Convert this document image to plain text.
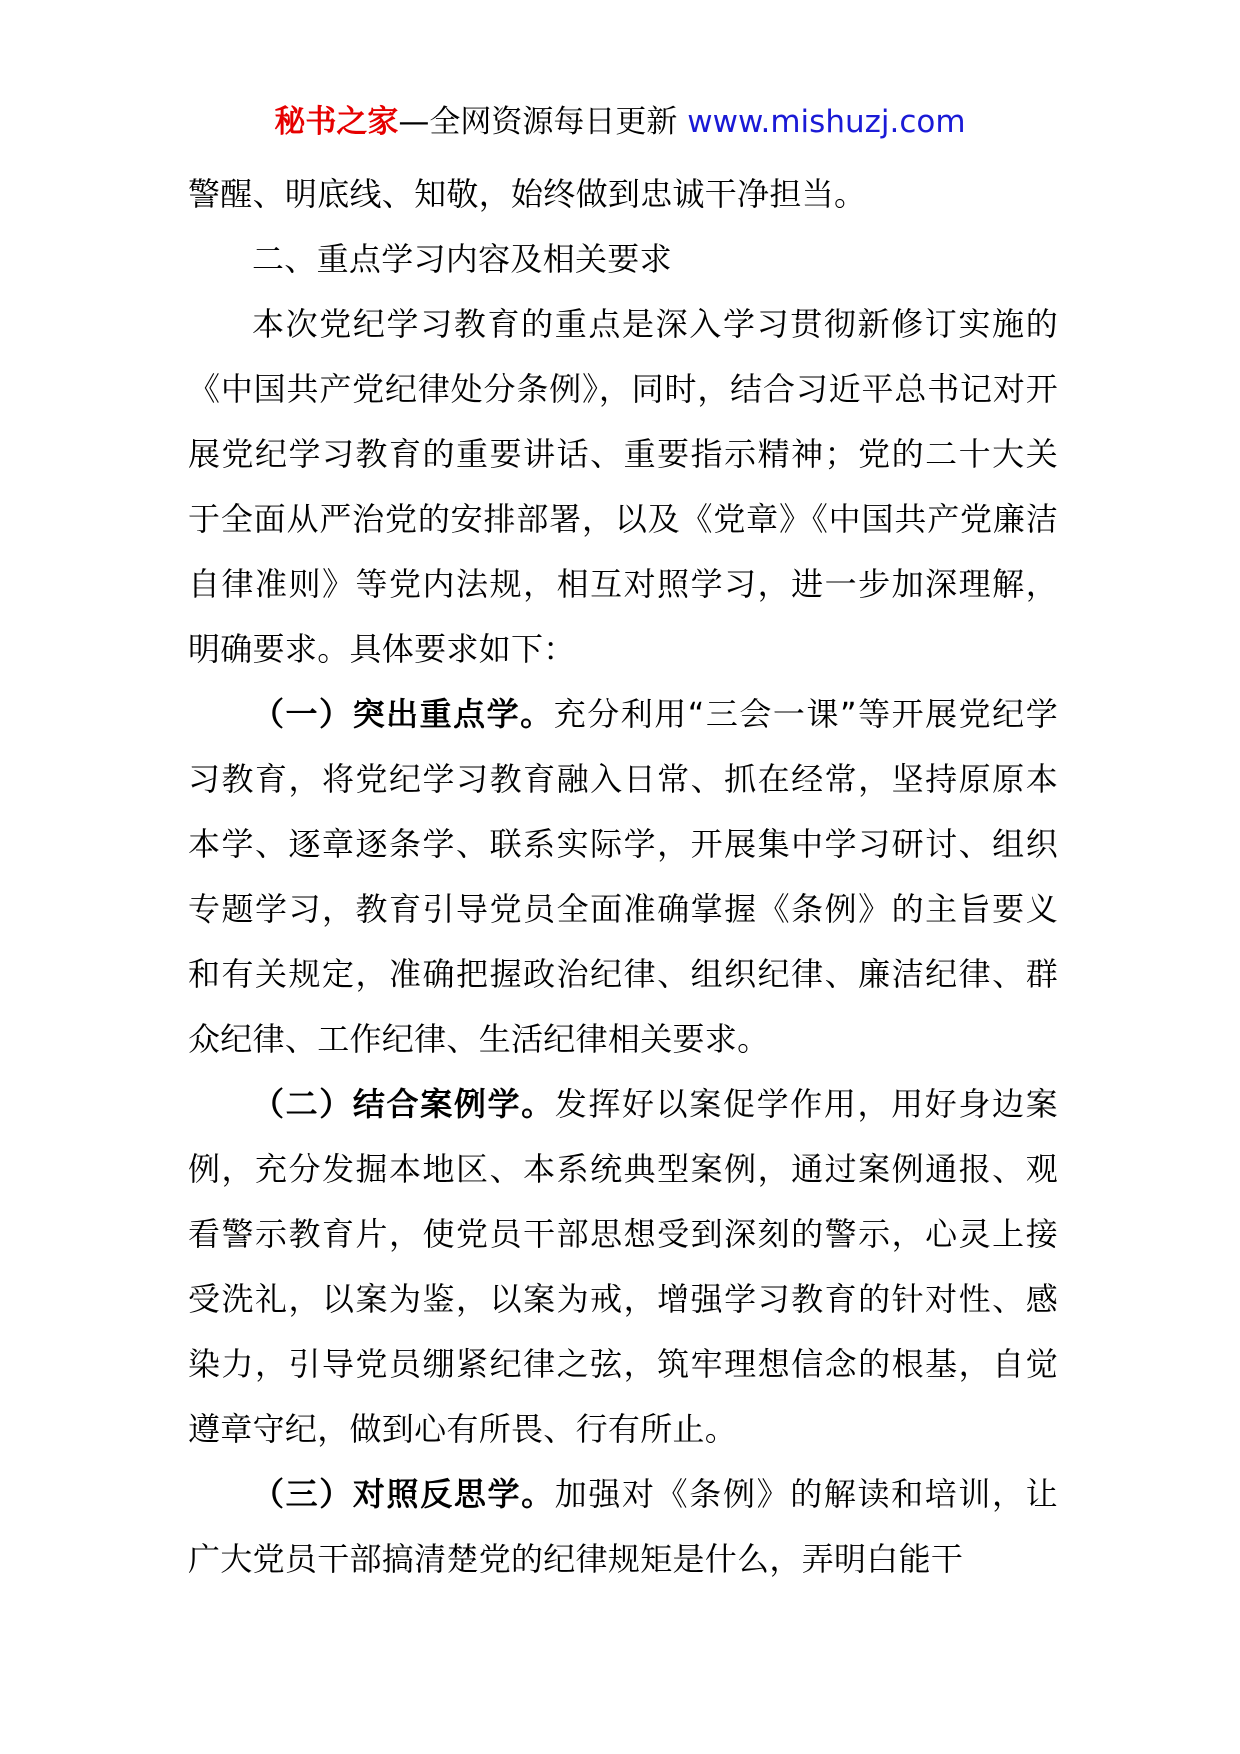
秘书之家—全网资源每日更新 www.mishuzj.com

警醒、明底线、知敬，始终做到忠诚干净担当。

二、重点学习内容及相关要求

本次党纪学习教育的重点是深入学习贯彻新修订实施的《中国共产党纪律处分条例》，同时，结合习近平总书记对开展党纪学习教育的重要讲话、重要指示精神；党的二十大关于全面从严治党的安排部署，以及《党章》《中国共产党廉洁自律准则》等党内法规，相互对照学习，进一步加深理解，明确要求。具体要求如下：

（一）突出重点学。充分利用“三会一课”等开展党纪学习教育，将党纪学习教育融入日常、抓在经常，坚持原原本本学、逐章逐条学、联系实际学，开展集中学习研讨、组织专题学习，教育引导党员全面准确掌握《条例》的主旨要义和有关规定，准确把握政治纪律、组织纪律、廉洁纪律、群众纪律、工作纪律、生活纪律相关要求。

（二）结合案例学。发挥好以案促学作用，用好身边案例，充分发掘本地区、本系统典型案例，通过案例通报、观看警示教育片，使党员干部思想受到深刻的警示，心灵上接受洗礼，以案为鉴，以案为戒，增强学习教育的针对性、感染力，引导党员绷紧纪律之弦，筑牢理想信念的根基，自觉遵章守纪，做到心有所畏、行有所止。

（三）对照反思学。加强对《条例》的解读和培训，让广大党员干部搞清楚党的纪律规矩是什么，弄明白能干
